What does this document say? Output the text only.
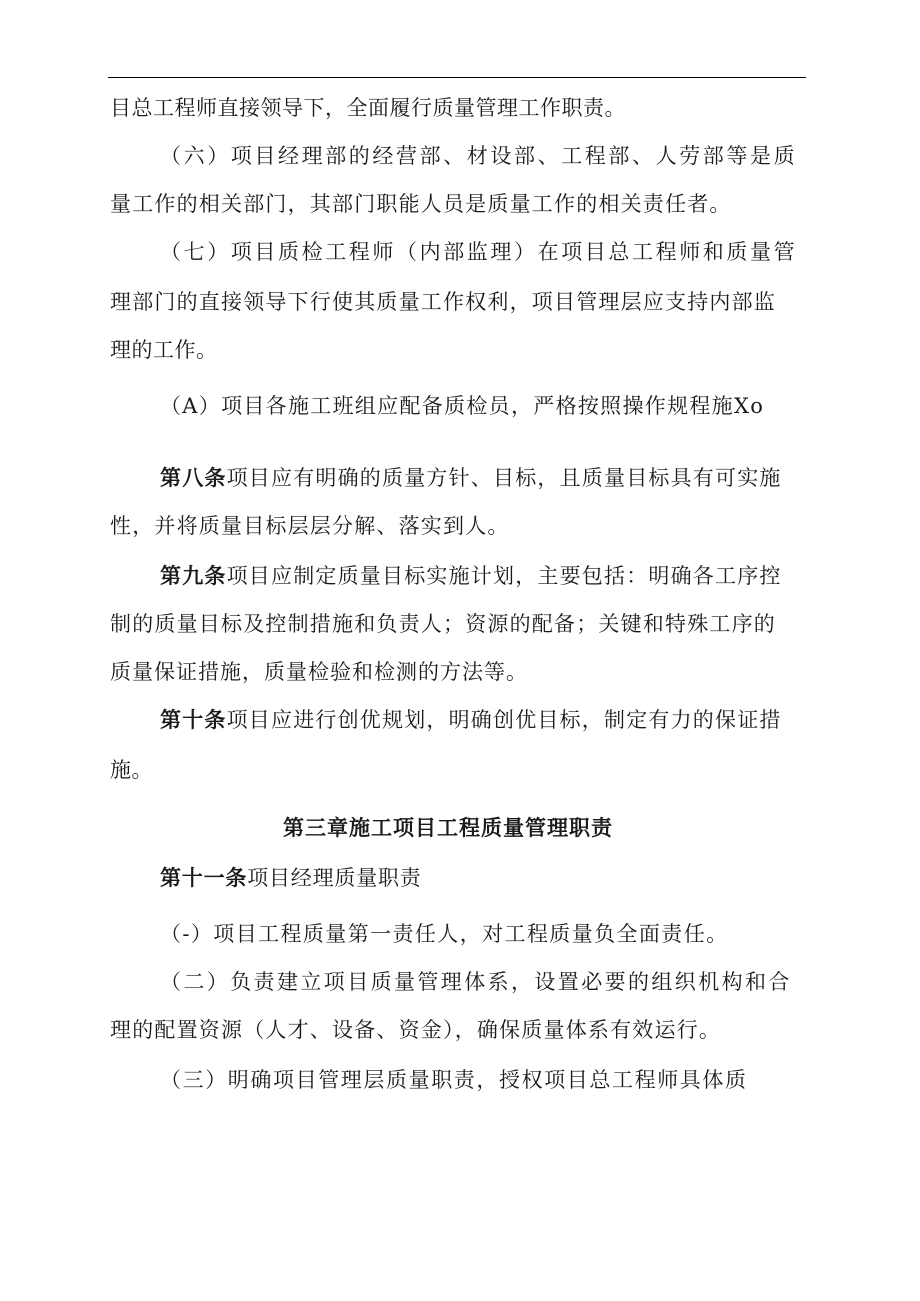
目总工程师直接领导下，全面履行质量管理工作职责。
（六）项目经理部的经营部、材设部、工程部、人劳部等是质
量工作的相关部门，其部门职能人员是质量工作的相关责任者。
（七）项目质检工程师（内部监理）在项目总工程师和质量管
理部门的直接领导下行使其质量工作权利，项目管理层应支持内部监
理的工作。
（A）项目各施工班组应配备质检员，严格按照操作规程施Xo
第八条项目应有明确的质量方针、目标，且质量目标具有可实施
性，并将质量目标层层分解、落实到人。
第九条项目应制定质量目标实施计划，主要包括：明确各工序控
制的质量目标及控制措施和负责人；资源的配备；关键和特殊工序的
质量保证措施，质量检验和检测的方法等。
第十条项目应进行创优规划，明确创优目标，制定有力的保证措
施。
第三章施工项目工程质量管理职责
第十一条项目经理质量职责
（-）项目工程质量第一责任人，对工程质量负全面责任。
（二）负责建立项目质量管理体系，设置必要的组织机构和合
理的配置资源（人才、设备、资金），确保质量体系有效运行。
（三）明确项目管理层质量职责，授权项目总工程师具体质
